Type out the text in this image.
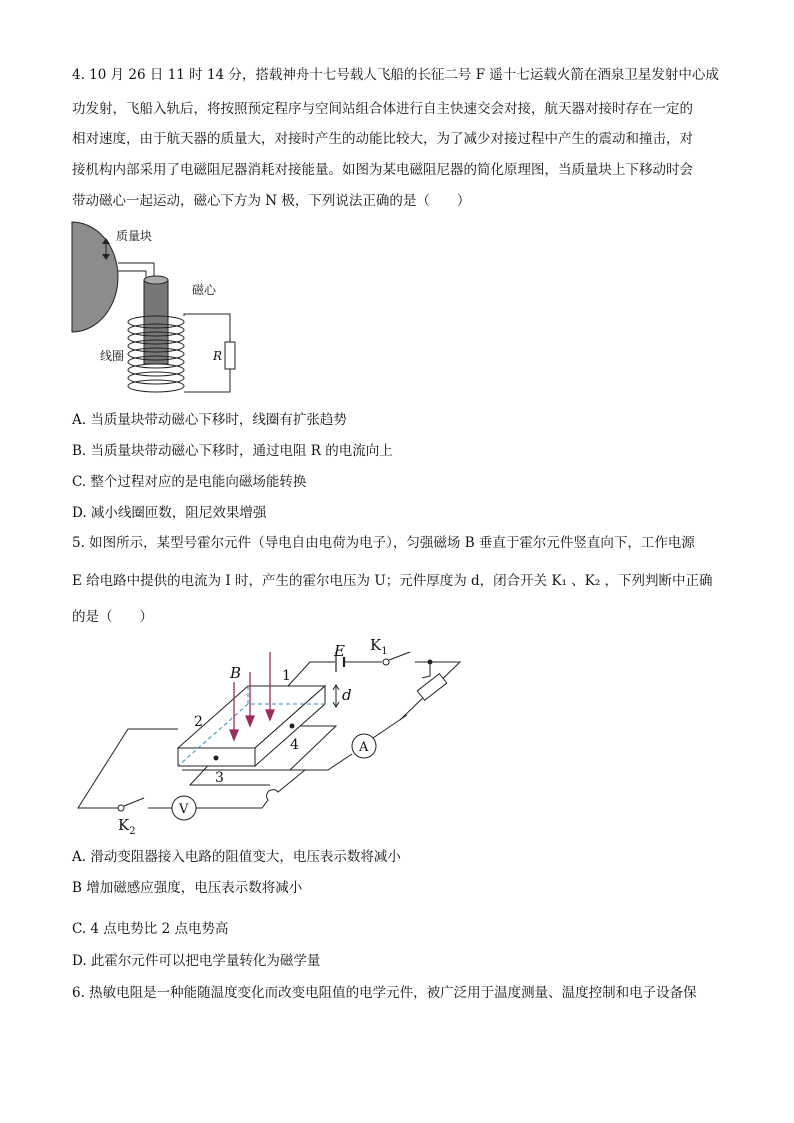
4. 10 月 26 日 11 时 14 分，搭载神舟十七号载人飞船的长征二号 F 遥十七运载火箭在酒泉卫星发射中心成
功发射，飞船入轨后，将按照预定程序与空间站组合体进行自主快速交会对接，航天器对接时存在一定的
相对速度，由于航天器的质量大，对接时产生的动能比较大，为了减少对接过程中产生的震动和撞击，对
接机构内部采用了电磁阻尼器消耗对接能量。如图为某电磁阻尼器的简化原理图，当质量块上下移动时会
带动磁心一起运动，磁心下方为 N 极，下列说法正确的是（　　）
质量块
磁心
线圈	R
A. 当质量块带动磁心下移时，线圈有扩张趋势
B. 当质量块带动磁心下移时，通过电阻 R 的电流向上
C. 整个过程对应的是电能向磁场能转换
D. 减小线圈匝数，阻尼效果增强
5. 如图所示，某型号霍尔元件（导电自由电荷为电子），匀强磁场 B 垂直于霍尔元件竖直向下，工作电源
E 给电路中提供的电流为 I 时，产生的霍尔电压为 U；元件厚度为 d，闭合开关 K₁ 、K₂ ，下列判断中正确
的是（　　）
B
E $K_1$
$K_2$
d
A
V
1
2
3
4
A. 滑动变阻器接入电路的阻值变大，电压表示数将减小
B 增加磁感应强度，电压表示数将减小
C. 4 点电势比 2 点电势高
D. 此霍尔元件可以把电学量转化为磁学量
6. 热敏电阻是一种能随温度变化而改变电阻值的电学元件，被广泛用于温度测量、温度控制和电子设备保
